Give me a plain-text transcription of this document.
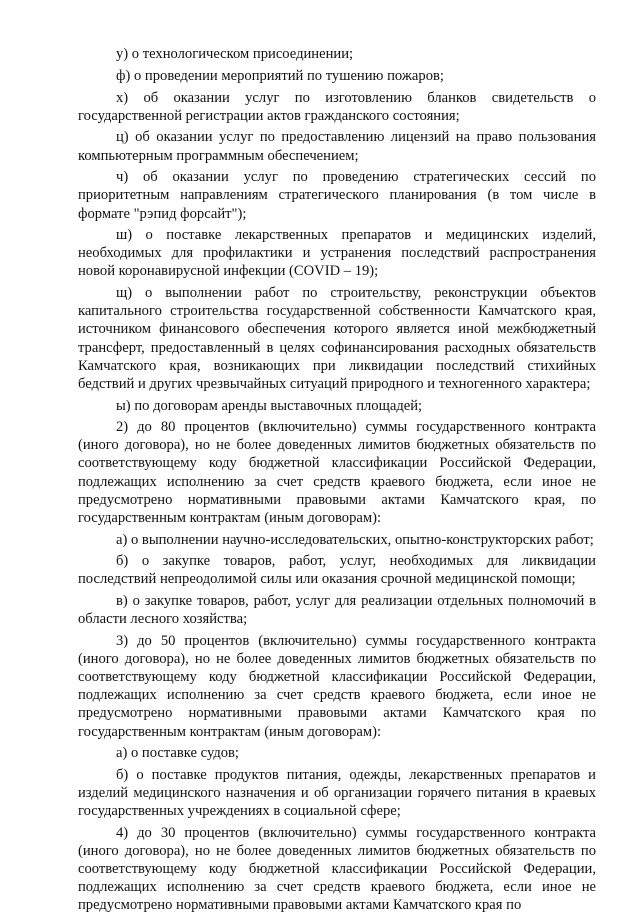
у) о технологическом присоединении;

ф) о проведении мероприятий по тушению пожаров;

х) об оказании услуг по изготовлению бланков свидетельств о государственной регистрации актов гражданского состояния;

ц) об оказании услуг по предоставлению лицензий на право пользования компьютерным программным обеспечением;

ч) об оказании услуг по проведению стратегических сессий по приоритетным направлениям стратегического планирования (в том числе в формате "рэпид форсайт");

ш) о поставке лекарственных препаратов и медицинских изделий, необходимых для профилактики и устранения последствий распространения новой коронавирусной инфекции (COVID – 19);

щ) о выполнении работ по строительству, реконструкции объектов капитального строительства государственной собственности Камчатского края, источником финансового обеспечения которого является иной межбюджетный трансферт, предоставленный в целях софинансирования расходных обязательств Камчатского края, возникающих при ликвидации последствий стихийных бедствий и других чрезвычайных ситуаций природного и техногенного характера;

ы) по договорам аренды выставочных площадей;

2) до 80 процентов (включительно) суммы государственного контракта (иного договора), но не более доведенных лимитов бюджетных обязательств по соответствующему коду бюджетной классификации Российской Федерации, подлежащих исполнению за счет средств краевого бюджета, если иное не предусмотрено нормативными правовыми актами Камчатского края, по государственным контрактам (иным договорам):

а) о выполнении научно-исследовательских, опытно-конструкторских работ;

б) о закупке товаров, работ, услуг, необходимых для ликвидации последствий непреодолимой силы или оказания срочной медицинской помощи;

в) о закупке товаров, работ, услуг для реализации отдельных полномочий в области лесного хозяйства;

3) до 50 процентов (включительно) суммы государственного контракта (иного договора), но не более доведенных лимитов бюджетных обязательств по соответствующему коду бюджетной классификации Российской Федерации, подлежащих исполнению за счет средств краевого бюджета, если иное не предусмотрено нормативными правовыми актами Камчатского края по государственным контрактам (иным договорам):

а) о поставке судов;

б) о поставке продуктов питания, одежды, лекарственных препаратов и изделий медицинского назначения и об организации горячего питания в краевых государственных учреждениях в социальной сфере;

4) до 30 процентов (включительно) суммы государственного контракта (иного договора), но не более доведенных лимитов бюджетных обязательств по соответствующему коду бюджетной классификации Российской Федерации, подлежащих исполнению за счет средств краевого бюджета, если иное не предусмотрено нормативными правовыми актами Камчатского края по
